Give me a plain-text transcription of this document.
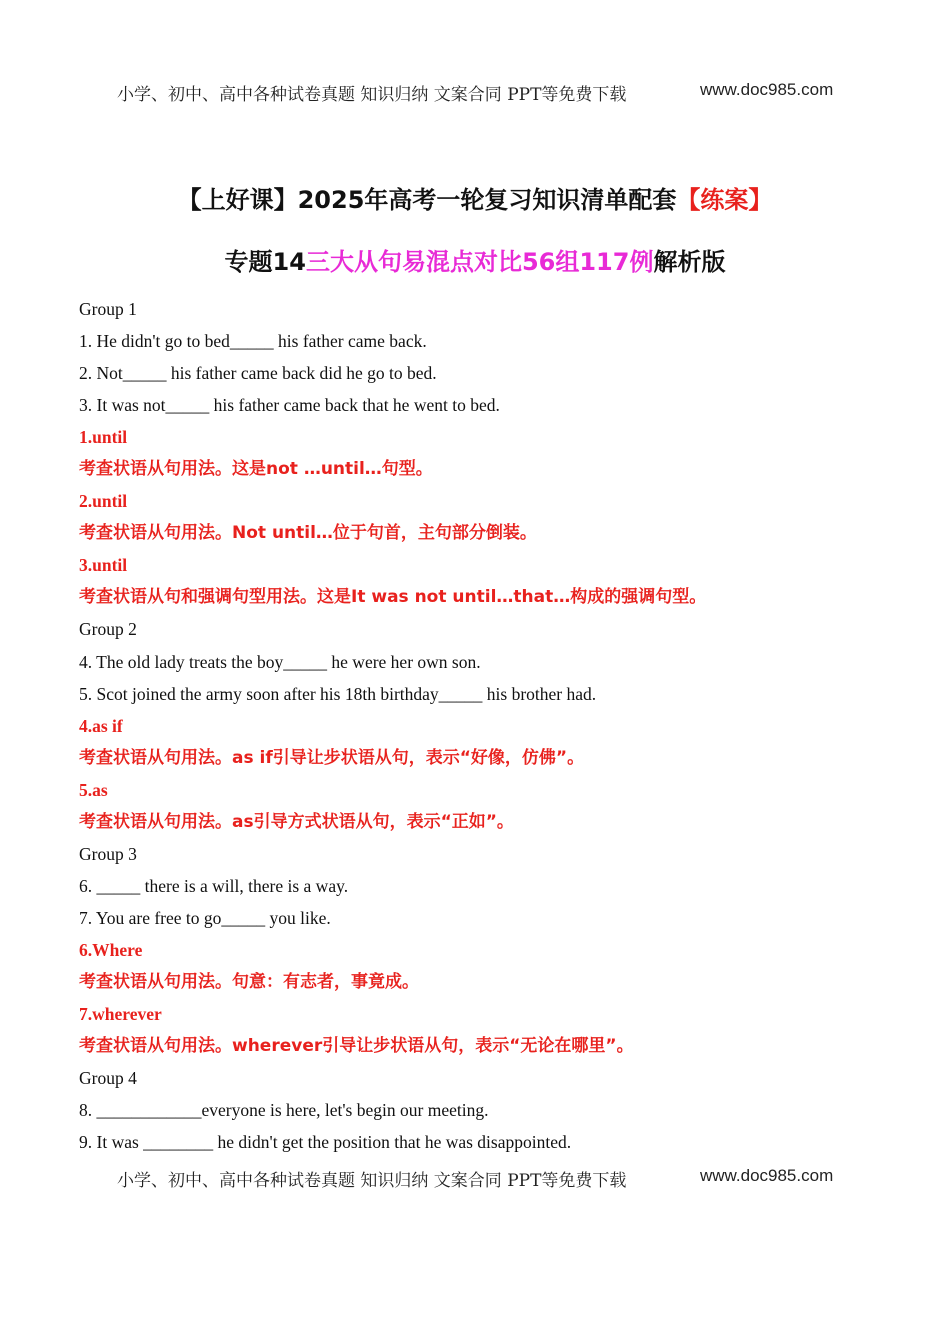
小学、初中、高中各种试卷真题 知识归纳 文案合同 PPT等免费下载	www.doc985.com
【上好课】2025年高考一轮复习知识清单配套【练案】
专题14三大从句易混点对比56组117例解析版
Group 1
1. He didn't go to bed_____ his father came back.
2. Not_____ his father came back did he go to bed.
3. It was not_____ his father came back that he went to bed.
1.until
考查状语从句用法。这是not …until…句型。
2.until
考查状语从句用法。Not until…位于句首，主句部分倒装。
3.until
考查状语从句和强调句型用法。这是It was not until…that…构成的强调句型。
Group 2
4. The old lady treats the boy_____ he were her own son.
5. Scot joined the army soon after his 18th birthday_____ his brother had.
4.as if
考查状语从句用法。as if引导让步状语从句，表示“好像，仿佛”。
5.as
考查状语从句用法。as引导方式状语从句，表示“正如”。
Group 3
6. _____ there is a will, there is a way.
7. You are free to go_____ you like.
6.Where
考查状语从句用法。句意：有志者，事竟成。
7.wherever
考查状语从句用法。wherever引导让步状语从句，表示“无论在哪里”。
Group 4
8. ____________everyone is here, let's begin our meeting.
9. It was ________ he didn't get the position that he was disappointed.
小学、初中、高中各种试卷真题 知识归纳 文案合同 PPT等免费下载	www.doc985.com
